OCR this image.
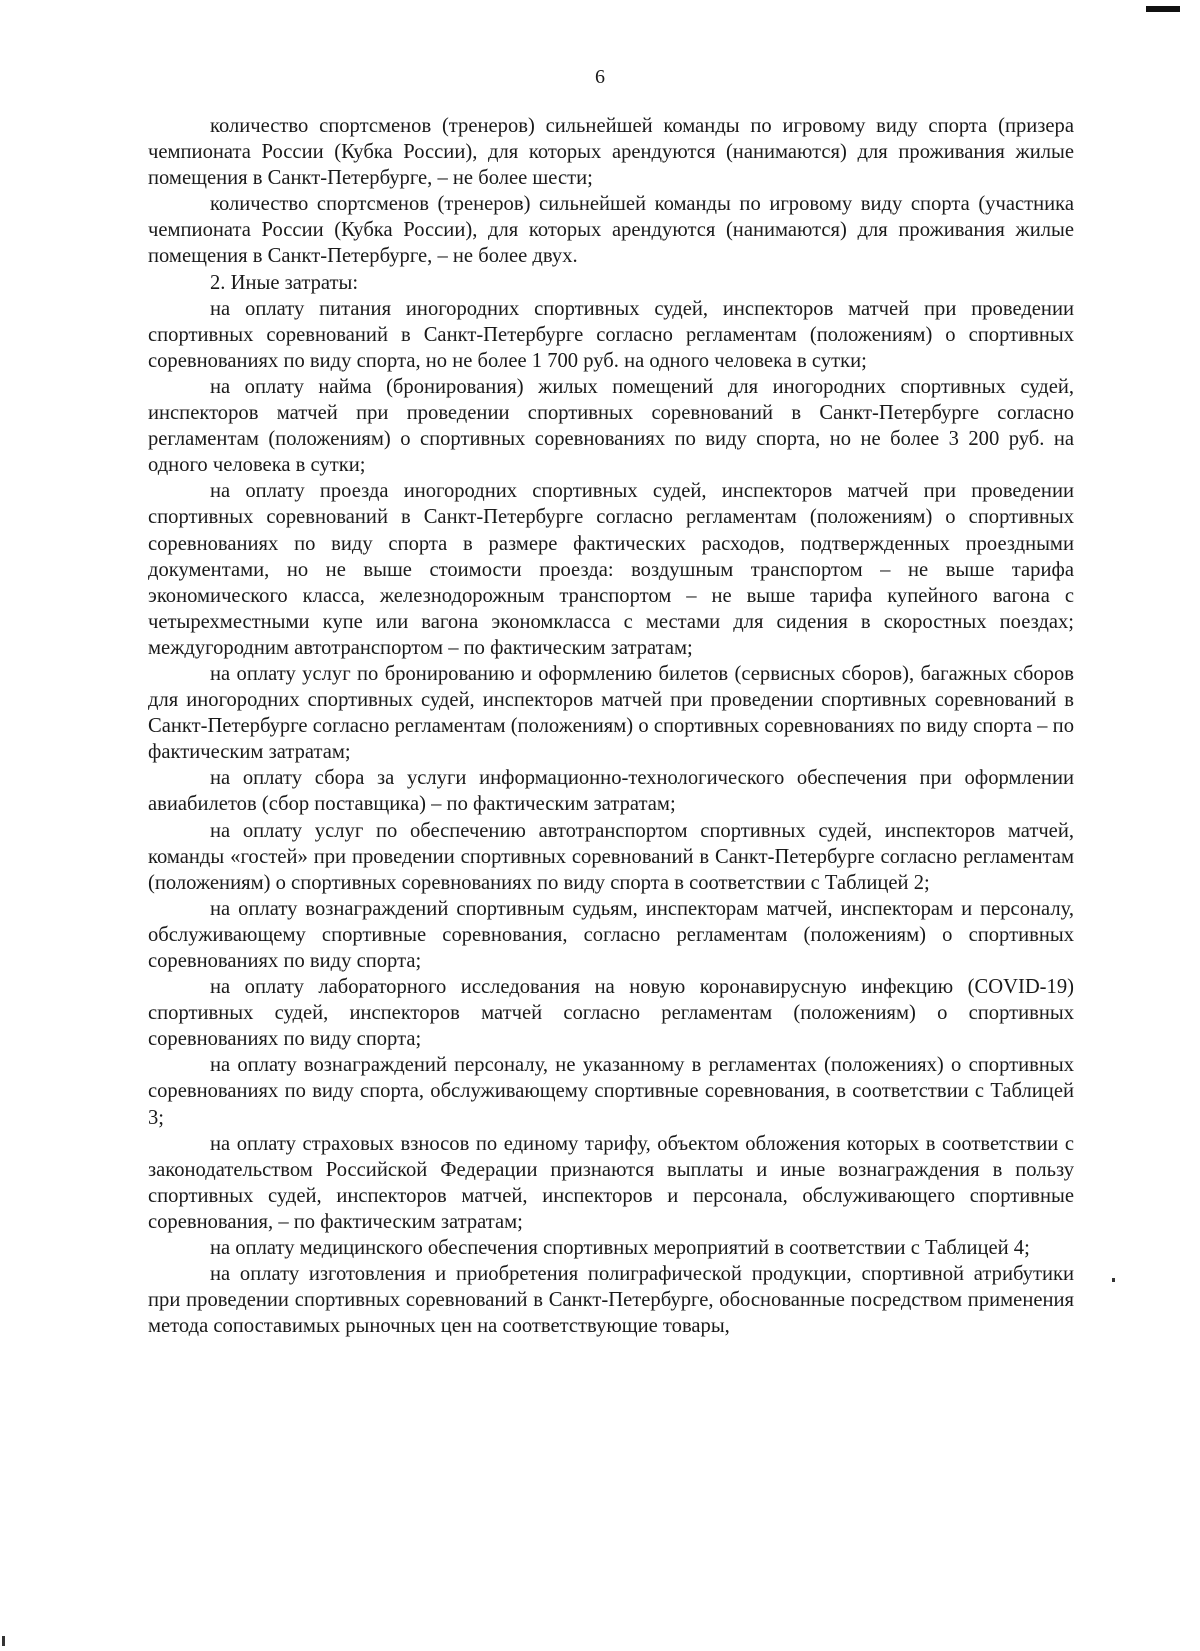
6

количество спортсменов (тренеров) сильнейшей команды по игровому виду спорта (призера чемпионата России (Кубка России), для которых арендуются (нанимаются) для проживания жилые помещения в Санкт-Петербурге, – не более шести;

количество спортсменов (тренеров) сильнейшей команды по игровому виду спорта (участника чемпионата России (Кубка России), для которых арендуются (нанимаются) для проживания жилые помещения в Санкт-Петербурге, – не более двух.

2. Иные затраты:

на оплату питания иногородних спортивных судей, инспекторов матчей при проведении спортивных соревнований в Санкт-Петербурге согласно регламентам (положениям) о спортивных соревнованиях по виду спорта, но не более 1 700 руб. на одного человека в сутки;

на оплату найма (бронирования) жилых помещений для иногородних спортивных судей, инспекторов матчей при проведении спортивных соревнований в Санкт-Петербурге согласно регламентам (положениям) о спортивных соревнованиях по виду спорта, но не более 3 200 руб. на одного человека в сутки;

на оплату проезда иногородних спортивных судей, инспекторов матчей при проведении спортивных соревнований в Санкт-Петербурге согласно регламентам (положениям) о спортивных соревнованиях по виду спорта в размере фактических расходов, подтвержденных проездными документами, но не выше стоимости проезда: воздушным транспортом – не выше тарифа экономического класса, железнодорожным транспортом – не выше тарифа купейного вагона с четырехместными купе или вагона экономкласса с местами для сидения в скоростных поездах; междугородним автотранспортом – по фактическим затратам;

на оплату услуг по бронированию и оформлению билетов (сервисных сборов), багажных сборов для иногородних спортивных судей, инспекторов матчей при проведении спортивных соревнований в Санкт-Петербурге согласно регламентам (положениям) о спортивных соревнованиях по виду спорта – по фактическим затратам;

на оплату сбора за услуги информационно-технологического обеспечения при оформлении авиабилетов (сбор поставщика) – по фактическим затратам;

на оплату услуг по обеспечению автотранспортом спортивных судей, инспекторов матчей, команды «гостей» при проведении спортивных соревнований в Санкт-Петербурге согласно регламентам (положениям) о спортивных соревнованиях по виду спорта в соответствии с Таблицей 2;

на оплату вознаграждений спортивным судьям, инспекторам матчей, инспекторам и персоналу, обслуживающему спортивные соревнования, согласно регламентам (положениям) о спортивных соревнованиях по виду спорта;

на оплату лабораторного исследования на новую коронавирусную инфекцию (COVID-19) спортивных судей, инспекторов матчей согласно регламентам (положениям) о спортивных соревнованиях по виду спорта;

на оплату вознаграждений персоналу, не указанному в регламентах (положениях) о спортивных соревнованиях по виду спорта, обслуживающему спортивные соревнования, в соответствии с Таблицей 3;

на оплату страховых взносов по единому тарифу, объектом обложения которых в соответствии с законодательством Российской Федерации признаются выплаты и иные вознаграждения в пользу спортивных судей, инспекторов матчей, инспекторов и персонала, обслуживающего спортивные соревнования, – по фактическим затратам;

на оплату медицинского обеспечения спортивных мероприятий в соответствии с Таблицей 4;

на оплату изготовления и приобретения полиграфической продукции, спортивной атрибутики при проведении спортивных соревнований в Санкт-Петербурге, обоснованные посредством применения метода сопоставимых рыночных цен на соответствующие товары,
